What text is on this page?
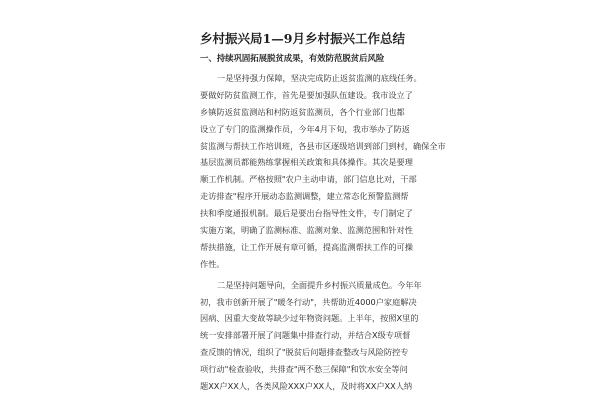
乡村振兴局1—9月乡村振兴工作总结
一、持续巩固拓展脱贫成果，有效防范脱贫后风险
一是坚持强力保障，坚决完成防止返贫监测的底线任务。
要做好防贫监测工作，首先是要加强队伍建设。我市设立了
乡镇防返贫监测站和村防返贫监测员，各个行业部门也都
设立了专门的监测操作员，今年4月下旬，我市举办了防返
贫监测与帮扶工作培训班，各县市区逐级培训到部门到村，确保全市
基层监测员都能熟练掌握相关政策和具体操作。其次是要理
顺工作机制。严格按照"农户主动申请，部门信息比对，干部
走访排查"程序开展动态监测调整，建立常态化预警监测帮
扶和季度通报机制。最后是要出台指导性文件，专门制定了
实施方案，明确了监测标准、监测对象、监测范围和针对性
帮扶措施，让工作开展有章可循，提高监测帮扶工作的可操
作性。
二是坚持问题导向，全面提升乡村振兴质量成色。今年年
初，我市创新开展了"暖冬行动"，共帮助近4000户家庭解决
因病、因重大变故等缺少过年物资问题。上半年，按照X里的
统一安排部署开展了问题集中排查行动，并结合X级专项督
查反馈的情况，组织了"脱贫后问题排查整改与风险防控专
项行动"检查验收，共排查"两不愁三保障"和饮水安全等问
题XX户XX人，各类风险XXX户XX人，及时将XX户XX人纳
